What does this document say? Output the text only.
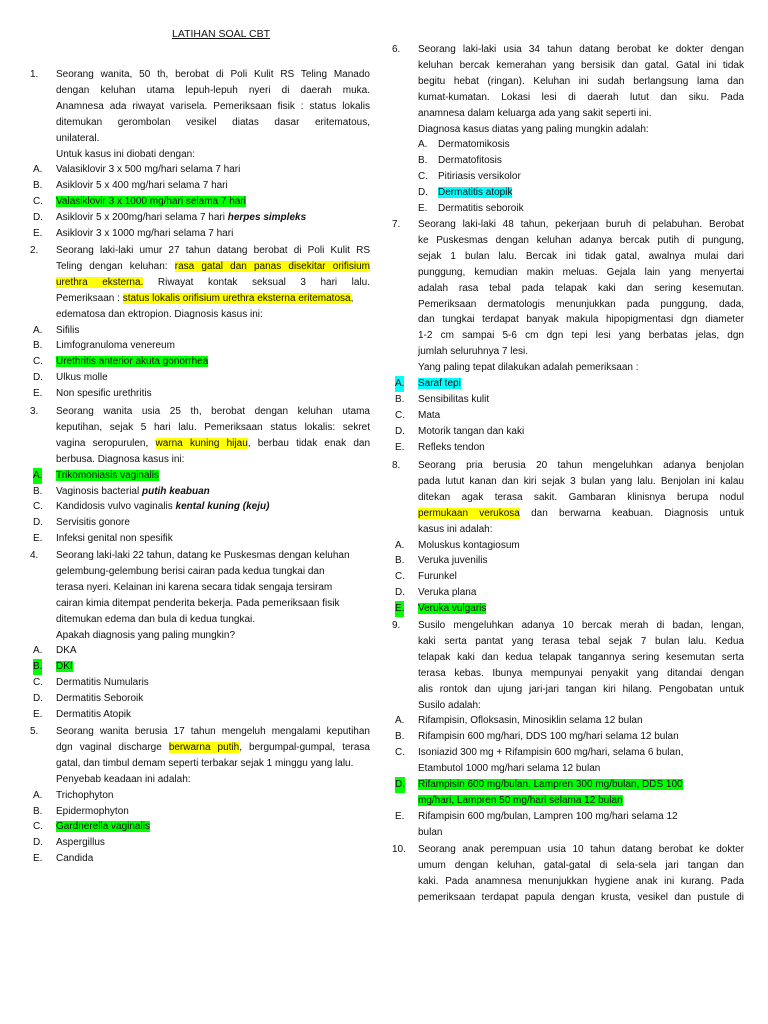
LATIHAN SOAL CBT
1. Seorang wanita, 50 th, berobat di Poli Kulit RS Teling Manado
dengan keluhan utama lepuh-lepuh nyeri di daerah muka.
Anamnesa ada riwayat varisela. Pemeriksaan fisik : status lokalis
ditemukan gerombolan vesikel diatas dasar eritematous,
unilateral.
Untuk kasus ini diobati dengan:
A. Valasiklovir 3 x 500 mg/hari selama 7 hari
B. Asiklovir 5 x 400 mg/hari selama 7 hari
C. Valasiklovir 3 x 1000 mg/hari selama 7 hari
D. Asiklovir 5 x 200mg/hari selama 7 hari herpes simpleks
E. Asiklovir 3 x 1000 mg/hari selama 7 hari
2. Seorang laki-laki umur 27 tahun datang berobat di Poli Kulit RS
Teling dengan keluhan: rasa gatal dan panas disekitar orifisium
urethra eksterna. Riwayat kontak seksual 3 hari lalu.
Pemeriksaan : status lokalis orifisium urethra eksterna eritematosa,
edematosa dan ektropion. Diagnosis kasus ini:
A. Sifilis
B. Limfogranuloma venereum
C. Urethritis anterior akuta gonorrhea
D. Ulkus molle
E. Non spesific urethritis
3. Seorang wanita usia 25 th, berobat dengan keluhan utama
keputihan, sejak 5 hari lalu. Pemeriksaan status lokalis: sekret
vagina seropurulen, warna kuning hijau, berbau tidak enak dan
berbusa. Diagnosa kasus ini:
A. Trikomoniasis vaginalis
B. Vaginosis bacterial putih keabuan
C. Kandidosis vulvo vaginalis kental kuning (keju)
D. Servisitis gonore
E. Infeksi genital non spesifik
4. Seorang laki-laki 22 tahun, datang ke Puskesmas dengan keluhan
gelembung-gelembung berisi cairan pada kedua tungkai dan
terasa nyeri. Kelainan ini karena secara tidak sengaja tersiram
cairan kimia ditempat penderita bekerja. Pada pemeriksaan fisik
ditemukan edema dan bula di kedua tungkai.
Apakah diagnosis yang paling mungkin?
A. DKA
B. DKI
C. Dermatitis Numularis
D. Dermatitis Seboroik
E. Dermatitis Atopik
5. Seorang wanita berusia 17 tahun mengeluh mengalami keputihan
dgn vaginal discharge berwarna putih, bergumpal-gumpal, terasa
gatal, dan timbul demam seperti terbakar sejak 1 minggu yang lalu.
Penyebab keadaan ini adalah:
A. Trichophyton
B. Epidermophyton
C. Gardnerella vaginalis
D. Aspergillus
E. Candida
6. Seorang laki-laki usia 34 tahun datang berobat ke dokter dengan
keluhan bercak kemerahan yang bersisik dan gatal. Gatal ini tidak
begitu hebat (ringan). Keluhan ini sudah berlangsung lama dan
kumat-kumatan. Lokasi lesi di daerah lutut dan siku. Pada
anamnesa dalam keluarga ada yang sakit seperti ini.
Diagnosa kasus diatas yang paling mungkin adalah:
A. Dermatomikosis
B. Dermatofitosis
C. Pitiriasis versikolor
D. Dermatitis atopik
E. Dermatitis seboroik
7. Seorang laki-laki 48 tahun, pekerjaan buruh di pelabuhan. Berobat
ke Puskesmas dengan keluhan adanya bercak putih di pungung,
sejak 1 bulan lalu. Bercak ini tidak gatal, awalnya mulai dari
punggung, kemudian makin meluas. Gejala lain yang menyertai
adalah rasa tebal pada telapak kaki dan sering kesemutan.
Pemeriksaan dermatologis menunjukkan pada punggung, dada,
dan tungkai terdapat banyak makula hipopigmentasi dgn diameter
1-2 cm sampai 5-6 cm dgn tepi lesi yang berbatas jelas, dgn
jumlah seluruhnya 7 lesi.
Yang paling tepat dilakukan adalah pemeriksaan :
A. Saraf tepi
B. Sensibilitas kulit
C. Mata
D. Motorik tangan dan kaki
E. Refleks tendon
8. Seorang pria berusia 20 tahun mengeluhkan adanya benjolan
pada lutut kanan dan kiri sejak 3 bulan yang lalu. Benjolan ini kalau
ditekan agak terasa sakit. Gambaran klinisnya berupa nodul
permukaan verukosa dan berwarna keabuan. Diagnosis untuk
kasus ini adalah:
A. Moluskus kontagiosum
B. Veruka juvenilis
C. Furunkel
D. Veruka plana
E. Veruka vulgaris
9. Susilo mengeluhkan adanya 10 bercak merah di badan, lengan,
kaki serta pantat yang terasa tebal sejak 7 bulan lalu. Kedua
telapak kaki dan kedua telapak tangannya sering kesemutan serta
terasa kebas. Ibunya mempunyai penyakit yang ditandai dengan
alis rontok dan ujung jari-jari tangan kiri hilang. Pengobatan untuk
Susilo adalah:
A. Rifampisin, Ofloksasin, Minosiklin selama 12 bulan
B. Rifampisin 600 mg/hari, DDS 100 mg/hari selama 12 bulan
C. Isoniazid 300 mg + Rifampisin 600 mg/hari, selama 6 bulan,
Etambutol 1000 mg/hari selama 12 bulan
D. Rifampisin 600 mg/bulan, Lampren 300 mg/bulan, DDS 100
mg/hari, Lampren 50 mg/hari selama 12 bulan
E. Rifampisin 600 mg/bulan, Lampren 100 mg/hari selama 12
bulan
10. Seorang anak perempuan usia 10 tahun datang berobat ke dokter
umum dengan keluhan, gatal-gatal di sela-sela jari tangan dan
kaki. Pada anamnesa menunjukkan hygiene anak ini kurang. Pada
pemeriksaan terdapat papula dengan krusta, vesikel dan pustule di
